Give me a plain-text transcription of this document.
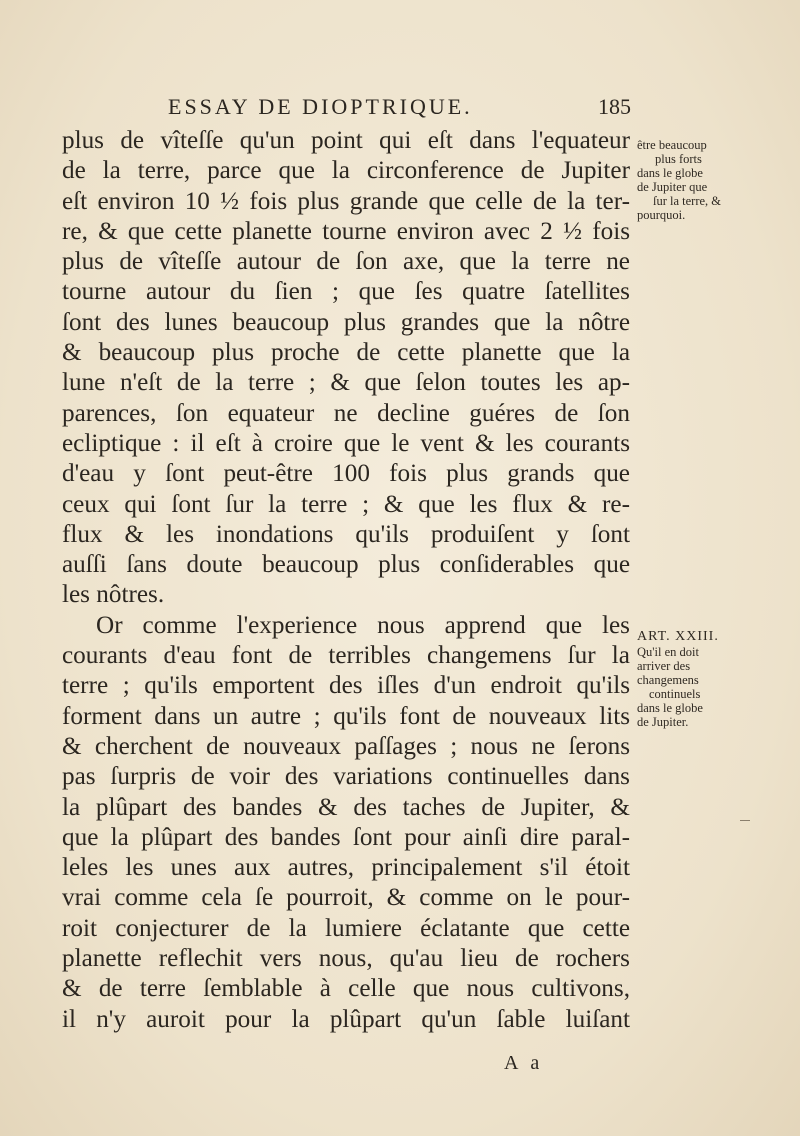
ESSAY DE DIOPTRIQUE.	185
plus de vîteſſe qu'un point qui eſt dans l'equateur
de la terre, parce que la circonference de Jupiter
eſt environ 10 ½ fois plus grande que celle de la ter-
re, & que cette planette tourne environ avec 2 ½ fois
plus de vîteſſe autour de ſon axe, que la terre ne
tourne autour du ſien ; que ſes quatre ſatellites
ſont des lunes beaucoup plus grandes que la nôtre
& beaucoup plus proche de cette planette que la
lune n'eſt de la terre ; & que ſelon toutes les ap-
parences, ſon equateur ne decline guéres de ſon
ecliptique : il eſt à croire que le vent & les courants
d'eau y ſont peut-être 100 fois plus grands que
ceux qui ſont ſur la terre ; & que les flux & re-
flux & les inondations qu'ils produiſent y ſont
auſſi ſans doute beaucoup plus conſiderables que
les nôtres.
Or comme l'experience nous apprend que les
courants d'eau font de terribles changemens ſur la
terre ; qu'ils emportent des iſles d'un endroit qu'ils
forment dans un autre ; qu'ils font de nouveaux lits
& cherchent de nouveaux paſſages ; nous ne ſerons
pas ſurpris de voir des variations continuelles dans
la plûpart des bandes & des taches de Jupiter, &
que la plûpart des bandes ſont pour ainſi dire paral-
leles les unes aux autres, principalement s'il étoit
vrai comme cela ſe pourroit, & comme on le pour-
roit conjecturer de la lumiere éclatante que cette
planette reflechit vers nous, qu'au lieu de rochers
& de terre ſemblable à celle que nous cultivons,
il n'y auroit pour la plûpart qu'un ſable luiſant
être beaucoup
plus forts
dans le globe
de Jupiter que
ſur la terre, &
pourquoi.
ART. XXIII.
Qu'il en doit
arriver des
changemens
continuels
dans le globe
de Jupiter.
A a
